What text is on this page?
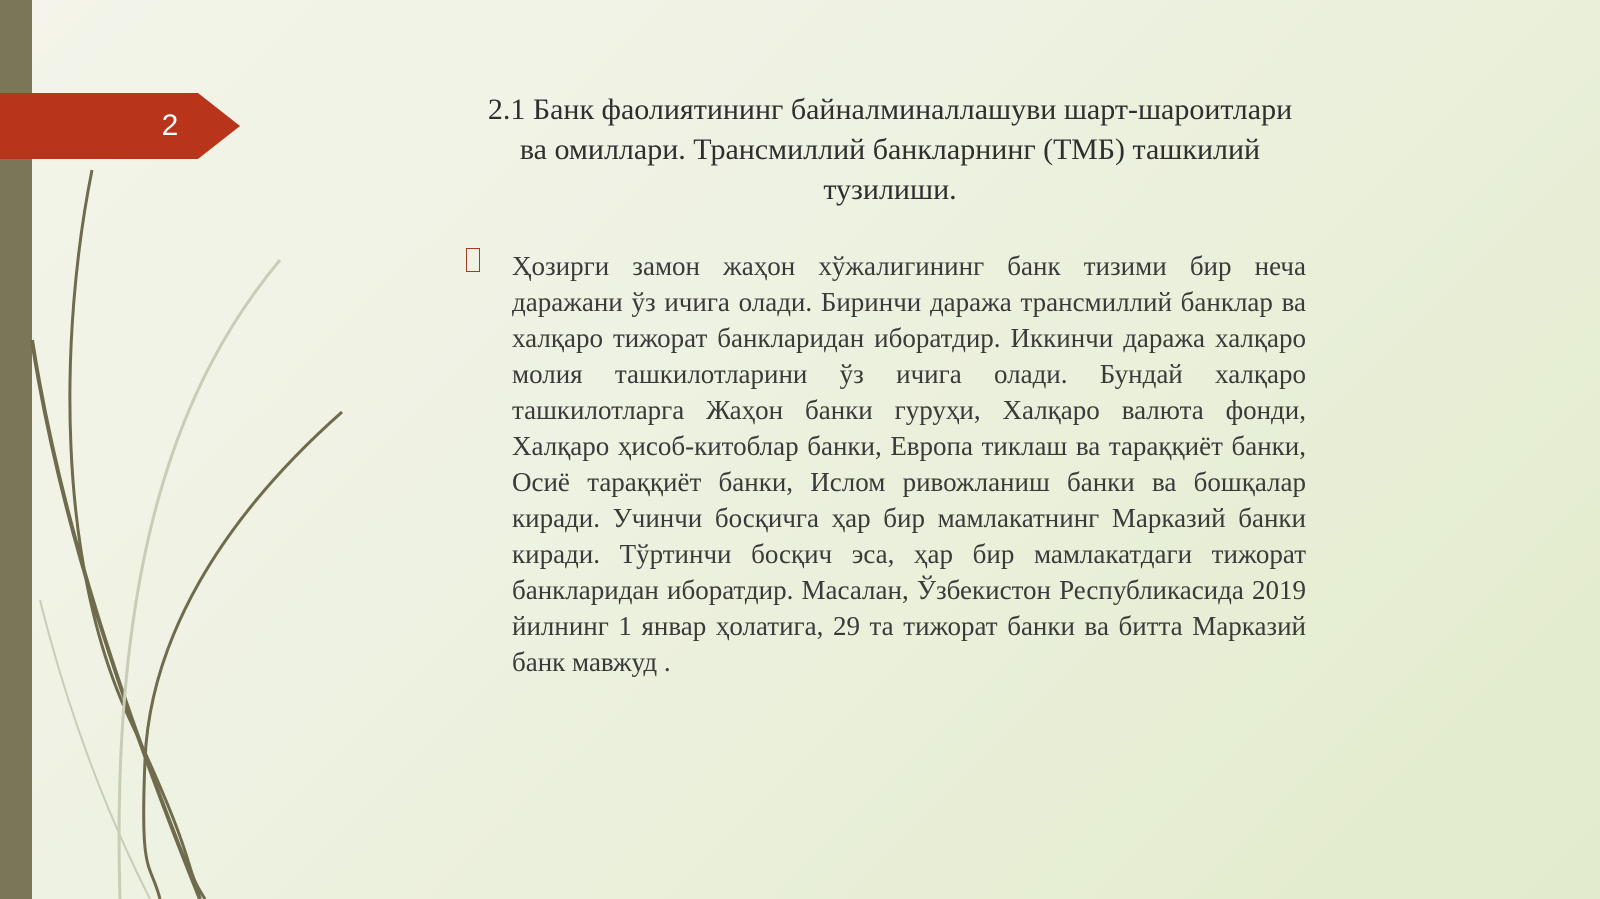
2	2.1 Банк фаолиятининг байналминаллашуви шарт-шароитлари ва омиллари. Трансмиллий банкларнинг (ТМБ) ташкилий тузилиши.
Ҳозирги замон жаҳон хўжалигининг банк тизими бир неча даражани ўз ичига олади. Биринчи даража трансмиллий банклар ва халқаро тижорат банкларидан иборатдир. Иккинчи даража халқаро молия ташкилотларини ўз ичига олади. Бундай халқаро ташкилотларга Жаҳон банки гуруҳи, Халқаро валюта фонди, Халқаро ҳисоб-китоблар банки, Европа тиклаш ва тараққиёт банки, Осиё тараққиёт банки, Ислом ривожланиш банки ва бошқалар киради. Учинчи босқичга ҳар бир мамлакатнинг Марказий банки киради. Тўртинчи босқич эса, ҳар бир мамлакатдаги тижорат банкларидан иборатдир. Масалан, Ўзбекистон Республикасида 2019 йилнинг 1 январ ҳолатига, 29 та тижорат банки ва битта Марказий банк мавжуд .
